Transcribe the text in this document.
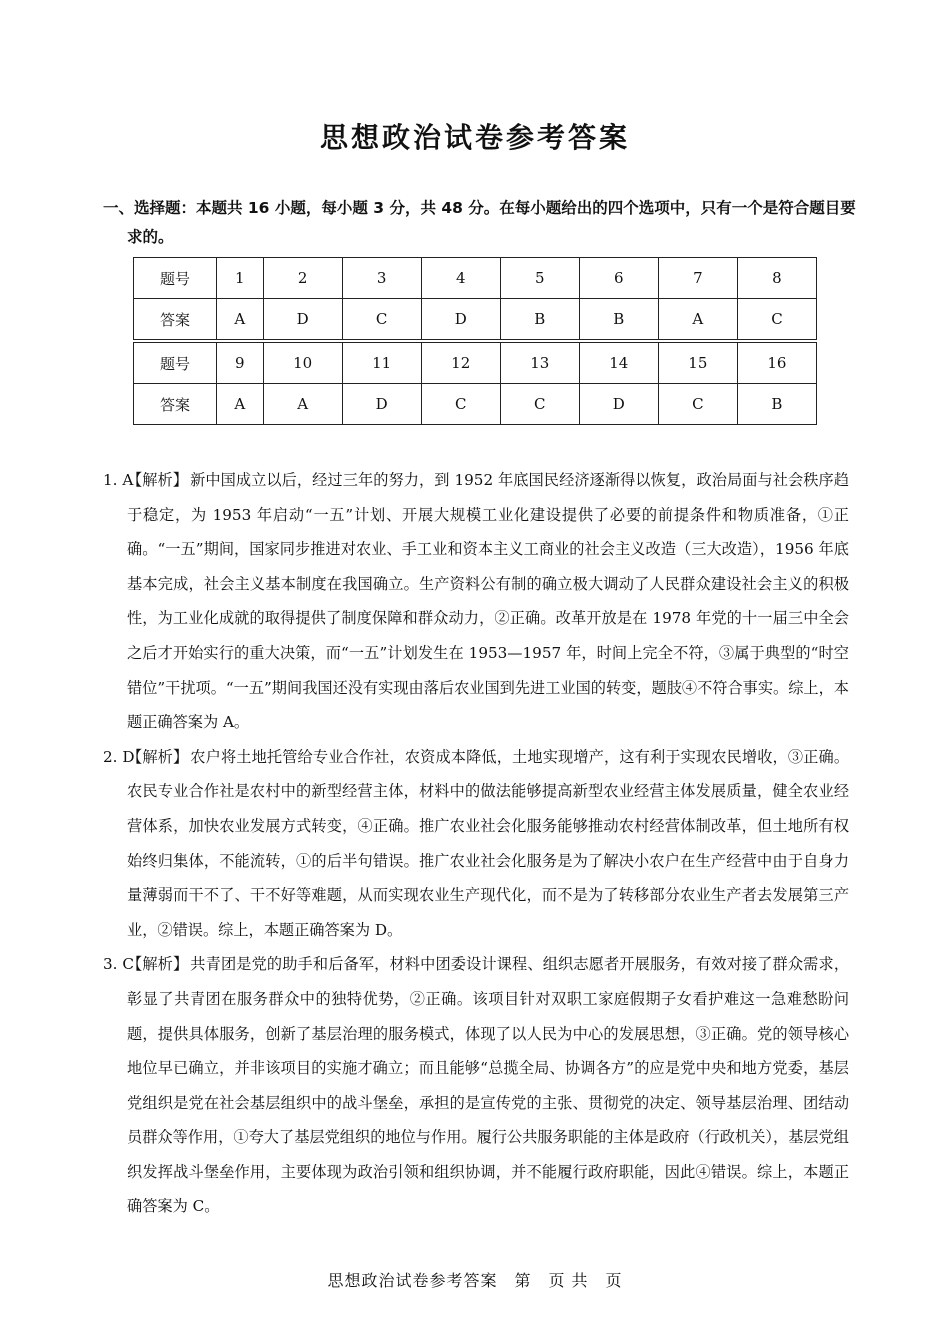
思想政治试卷参考答案
一、选择题：本题共 16 小题，每小题 3 分，共 48 分。在每小题给出的四个选项中，只有一个是符合题目要
求的。
题号	1	2	3	4	5	6	7	8
答案	A	D	C	D	B	B	A	C
题号	9	10	11	12	13	14	15	16
答案	A	A	D	C	C	D	C	B
1. A
【解析】 新中国成立以后，经过三年的努力，到 1952 年底国民经济逐渐得以恢复，政治局面与社会秩序趋于稳定，为 1953 年启动“一五”计划、开展大规模工业化建设提供了必要的前提条件和物质准备，①正确。“一五”期间，国家同步推进对农业、手工业和资本主义工商业的社会主义改造（三大改造），1956 年底基本完成，社会主义基本制度在我国确立。生产资料公有制的确立极大调动了人民群众建设社会主义的积极性，为工业化成就的取得提供了制度保障和群众动力，②正确。改革开放是在 1978 年党的十一届三中全会之后才开始实行的重大决策，而“一五”计划发生在 1953—1957 年，时间上完全不符，③属于典型的“时空错位”干扰项。“一五”期间我国还没有实现由落后农业国到先进工业国的转变，题肢④不符合事实。综上，本题正确答案为 A。
2. D
【解析】 农户将土地托管给专业合作社，农资成本降低，土地实现增产，这有利于实现农民增收，③正确。农民专业合作社是农村中的新型经营主体，材料中的做法能够提高新型农业经营主体发展质量，健全农业经营体系，加快农业发展方式转变，④正确。推广农业社会化服务能够推动农村经营体制改革，但土地所有权始终归集体，不能流转，①的后半句错误。推广农业社会化服务是为了解决小农户在生产经营中由于自身力量薄弱而干不了、干不好等难题，从而实现农业生产现代化，而不是为了转移部分农业生产者去发展第三产业，②错误。综上，本题正确答案为 D。
3. C
【解析】 共青团是党的助手和后备军，材料中团委设计课程、组织志愿者开展服务，有效对接了群众需求，彰显了共青团在服务群众中的独特优势，②正确。该项目针对双职工家庭假期子女看护难这一急难愁盼问题，提供具体服务，创新了基层治理的服务模式，体现了以人民为中心的发展思想，③正确。党的领导核心地位早已确立，并非该项目的实施才确立；而且能够“总揽全局、协调各方”的应是党中央和地方党委，基层党组织是党在社会基层组织中的战斗堡垒，承担的是宣传党的主张、贯彻党的决定、领导基层治理、团结动员群众等作用，①夸大了基层党组织的地位与作用。履行公共服务职能的主体是政府（行政机关），基层党组织发挥战斗堡垒作用，主要体现为政治引领和组织协调，并不能履行政府职能，因此④错误。综上，本题正确答案为 C。
思想政治试卷参考答案　第　页 共　页
